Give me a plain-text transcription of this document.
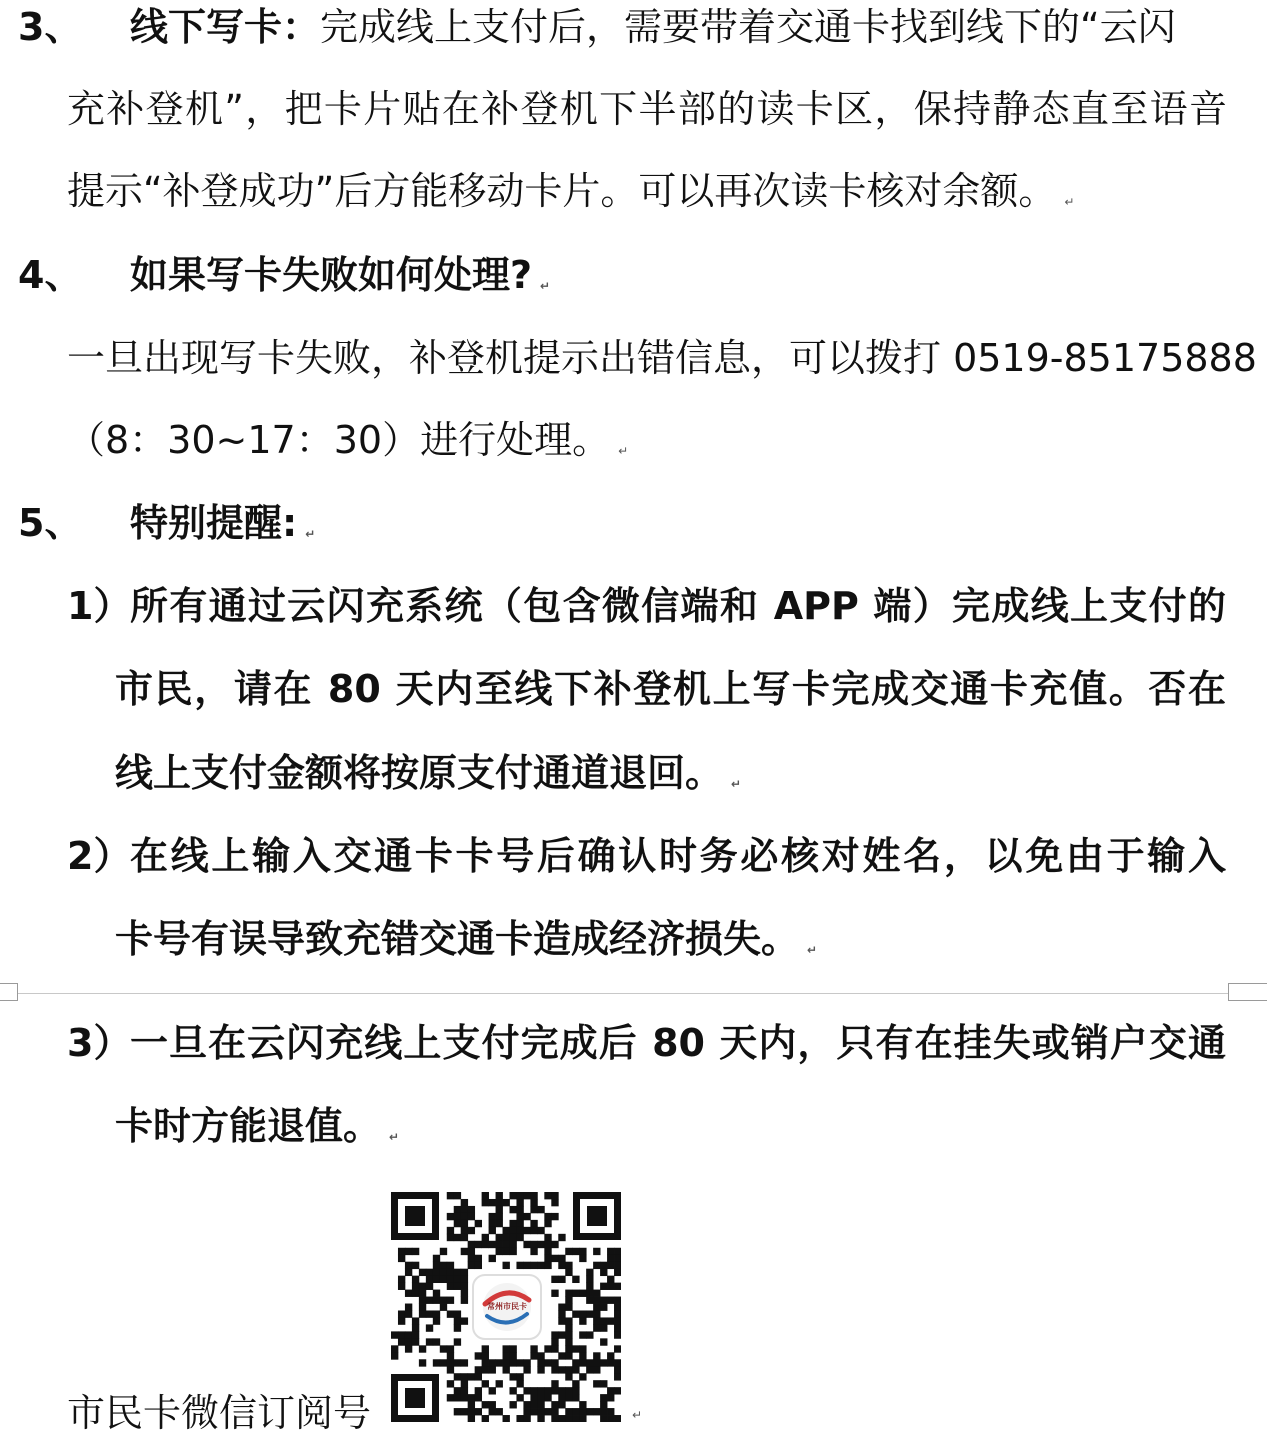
3、 线下写卡：完成线上支付后，需要带着交通卡找到线下的“云闪
充补登机”，把卡片贴在补登机下半部的读卡区，保持静态直至语音
提示“补登成功”后方能移动卡片。可以再次读卡核对余额。 ↵
4、 如果写卡失败如何处理? ↵
一旦出现写卡失败，补登机提示出错信息，可以拨打 0519-85175888
（8：30~17：30）进行处理。 ↵
5、 特别提醒: ↵
1）
所有通过云闪充系统（包含微信端和 APP 端）完成线上支付的
市民，请在 80 天内至线下补登机上写卡完成交通卡充值。否在
线上支付金额将按原支付通道退回。 ↵
2）
在线上输入交通卡卡号后确认时务必核对姓名，以免由于输入
卡号有误导致充错交通卡造成经济损失。 ↵
3）
一旦在云闪充线上支付完成后 80 天内，只有在挂失或销户交通
卡时方能退值。 ↵
市民卡微信订阅号
常州市民卡
↵
